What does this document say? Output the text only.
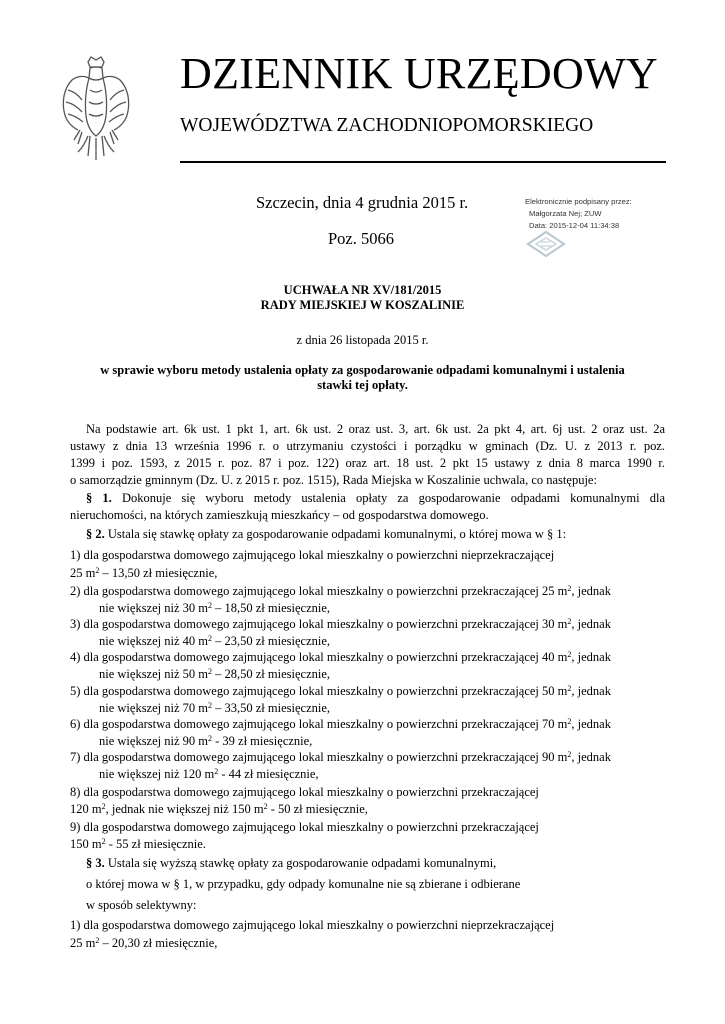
DZIENNIK URZĘDOWY
WOJEWÓDZTWA ZACHODNIOPOMORSKIEGO
Szczecin, dnia 4 grudnia 2015 r.
Poz. 5066
Elektronicznie podpisany przez:
Małgorzata Nej; ZUW
Data: 2015-12-04 11:34:38
UCHWAŁA NR XV/181/2015
RADY MIEJSKIEJ W KOSZALINIE
z dnia 26 listopada 2015 r.
w sprawie wyboru metody ustalenia opłaty za gospodarowanie odpadami komunalnymi i ustalenia
stawki tej opłaty.
Na podstawie art. 6k ust. 1 pkt 1, art. 6k ust. 2 oraz ust. 3, art. 6k ust. 2a pkt 4, art. 6j ust. 2 oraz ust. 2a
ustawy z dnia 13 września 1996 r. o utrzymaniu czystości i porządku w gminach (Dz. U. z 2013 r. poz.
1399 i poz. 1593, z 2015 r. poz. 87 i poz. 122) oraz art. 18 ust. 2 pkt 15 ustawy z dnia 8 marca 1990 r.
o samorządzie gminnym (Dz. U. z 2015 r. poz. 1515), Rada Miejska w Koszalinie uchwala, co następuje:
§ 1. Dokonuje się wyboru metody ustalenia opłaty za gospodarowanie odpadami komunalnymi dla
nieruchomości, na których zamieszkują mieszkańcy – od gospodarstwa domowego.
§ 2. Ustala się stawkę opłaty za gospodarowanie odpadami komunalnymi, o której mowa w § 1:
1) dla gospodarstwa domowego zajmującego lokal mieszkalny o powierzchni nieprzekraczającej
25 $m^2 - 13,50$ zł miesięcznie,
2) dla gospodarstwa domowego zajmującego lokal mieszkalny o powierzchni przekraczającej 25 $m^2$, jednak
nie większej niż 30 $m^2 - 18,50$ zł miesięcznie,
3) dla gospodarstwa domowego zajmującego lokal mieszkalny o powierzchni przekraczającej 30 $m^2$, jednak
nie większej niż 40 $m^2 - 23,50$ zł miesięcznie,
4) dla gospodarstwa domowego zajmującego lokal mieszkalny o powierzchni przekraczającej 40 $m^2$, jednak
nie większej niż 50 $m^2 - 28,50$ zł miesięcznie,
5) dla gospodarstwa domowego zajmującego lokal mieszkalny o powierzchni przekraczającej 50 $m^2$, jednak
nie większej niż 70 $m^2 - 33,50$ zł miesięcznie,
6) dla gospodarstwa domowego zajmującego lokal mieszkalny o powierzchni przekraczającej 70 $m^2$, jednak
nie większej niż 90 $m^2 - 39$ zł miesięcznie,
7) dla gospodarstwa domowego zajmującego lokal mieszkalny o powierzchni przekraczającej 90 $m^2$, jednak
nie większej niż 120 $m^2 - 44$ zł miesięcznie,
8) dla gospodarstwa domowego zajmującego lokal mieszkalny o powierzchni przekraczającej
120 $m^2$, jednak nie większej niż 150 $m^2 - 50$ zł miesięcznie,
9) dla gospodarstwa domowego zajmującego lokal mieszkalny o powierzchni przekraczającej
150 $m^2 - 55$ zł miesięcznie.
§ 3. Ustala się wyższą stawkę opłaty za gospodarowanie odpadami komunalnymi,
o której mowa w § 1, w przypadku, gdy odpady komunalne nie są zbierane i odbierane
w sposób selektywny:
1) dla gospodarstwa domowego zajmującego lokal mieszkalny o powierzchni nieprzekraczającej
25 $m^2 - 20,30$ zł miesięcznie,
